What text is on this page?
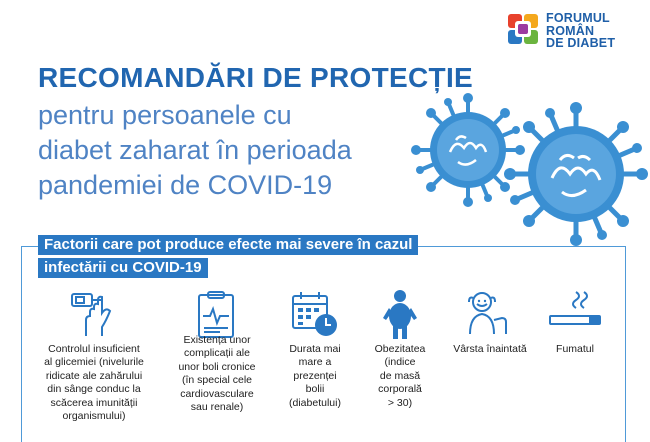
FORUMUL
ROMÂN
DE DIABET
RECOMANDĂRI DE PROTECȚIE
pentru persoanele cu
diabet zaharat în perioada
pandemiei de COVID-19
Factorii care pot produce efecte mai severe în cazul
infectării cu COVID-19
Controlul insuficient
al glicemiei (nivelurile
ridicate ale zahărului
din sânge conduc la
scăcerea imunității
organismului)
Existența unor
complicații ale
unor boli cronice
(în special cele
cardiovasculare
sau renale)
Durata mai
mare a
prezenței
bolii
(diabetului)
Obezitatea
(indice
de masă
corporală
> 30)
Vârsta înaintată	Fumatul
